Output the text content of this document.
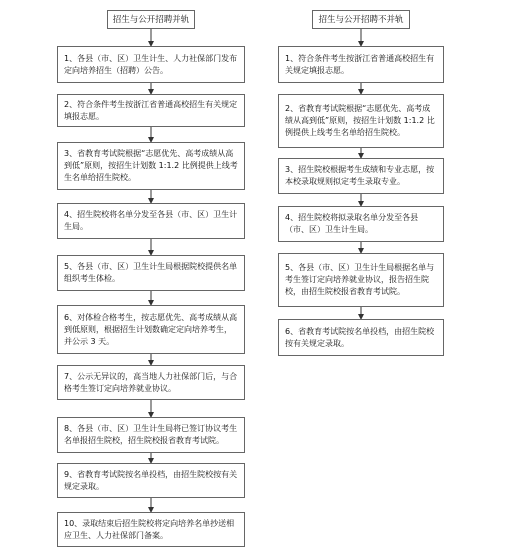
招生与公开招聘并轨
1、各县（市、区）卫生计生、人力社保部门发布定向培养招生（招聘）公告。
2、符合条件考生按浙江省普通高校招生有关规定填报志愿。
3、省教育考试院根据“志愿优先、高考成绩从高到低”原则，按招生计划数 1:1.2 比例提供上线考生名单给招生院校。
4、招生院校将名单分发至各县（市、区）卫生计生局。
5、各县（市、区）卫生计生局根据院校提供名单组织考生体检。
6、对体检合格考生，按志愿优先、高考成绩从高到低原则，根据招生计划数确定定向培养考生，并公示 3 天。
7、公示无异议的，高当地人力社保部门后，与合格考生签订定向培养就业协议。
8、各县（市、区）卫生计生局将已签订协议考生名单报招生院校，招生院校报省教育考试院。
9、省教育考试院按名单投档，由招生院校按有关规定录取。
10、录取结束后招生院校将定向培养名单抄送相应卫生、人力社保部门备案。
招生与公开招聘不并轨
1、符合条件考生按浙江省普通高校招生有关规定填报志愿。
2、省教育考试院根据“志愿优先、高考成绩从高到低”原则，按招生计划数 1:1.2 比例提供上线考生名单给招生院校。
3、招生院校根据考生成绩和专业志愿，按本校录取规则拟定考生录取专业。
4、招生院校将拟录取名单分发至各县（市、区）卫生计生局。
5、各县（市、区）卫生计生局根据名单与考生签订定向培养就业协议，报告招生院校，由招生院校报省教育考试院。
6、省教育考试院按名单投档，由招生院校按有关规定录取。
